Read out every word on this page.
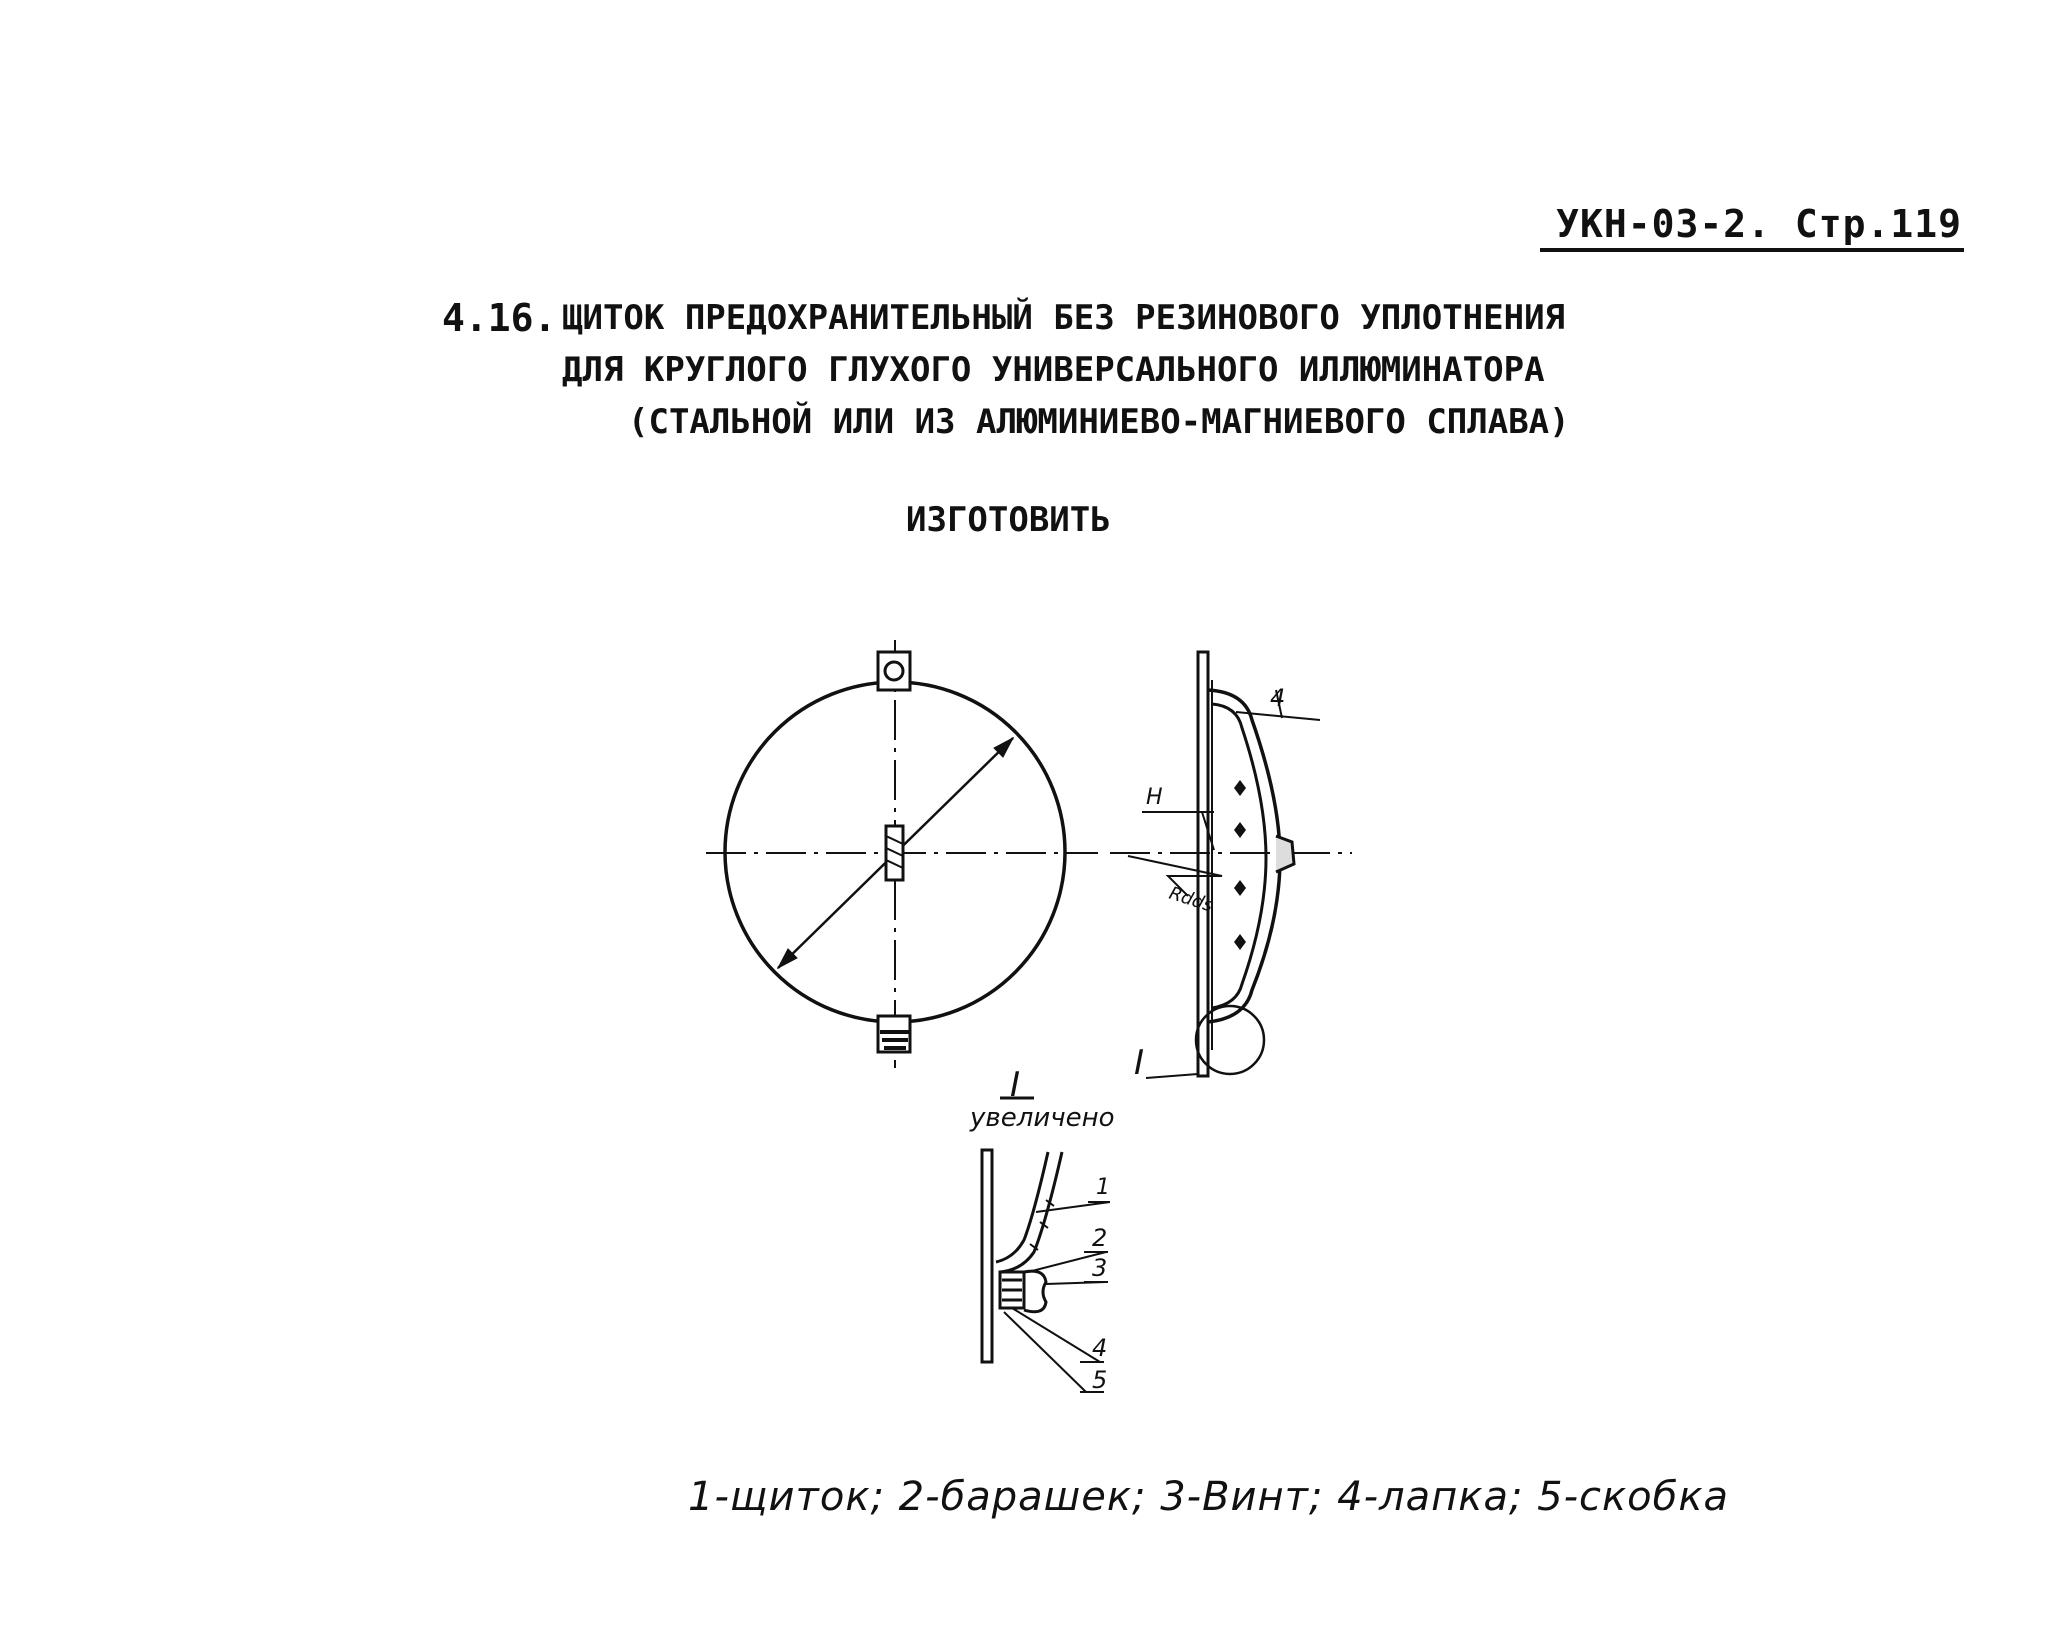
УКН-03-2. Стр.119
4.16. ЩИТОК ПРЕДОХРАНИТЕЛЬНЫЙ БЕЗ РЕЗИНОВОГО УПЛОТНЕНИЯ
ДЛЯ КРУГЛОГО ГЛУХОГО УНИВЕРСАЛЬНОГО ИЛЛЮМИНАТОРА
(СТАЛЬНОЙ ИЛИ ИЗ АЛЮМИНИЕВО-МАГНИЕВОГО СПЛАВА)
ИЗГОТОВИТЬ
4
H
Rdds
I
I
увеличено
1
2
3
4
5
1-щиток; 2-барашек; 3-Винт; 4-лапка; 5-скобка
